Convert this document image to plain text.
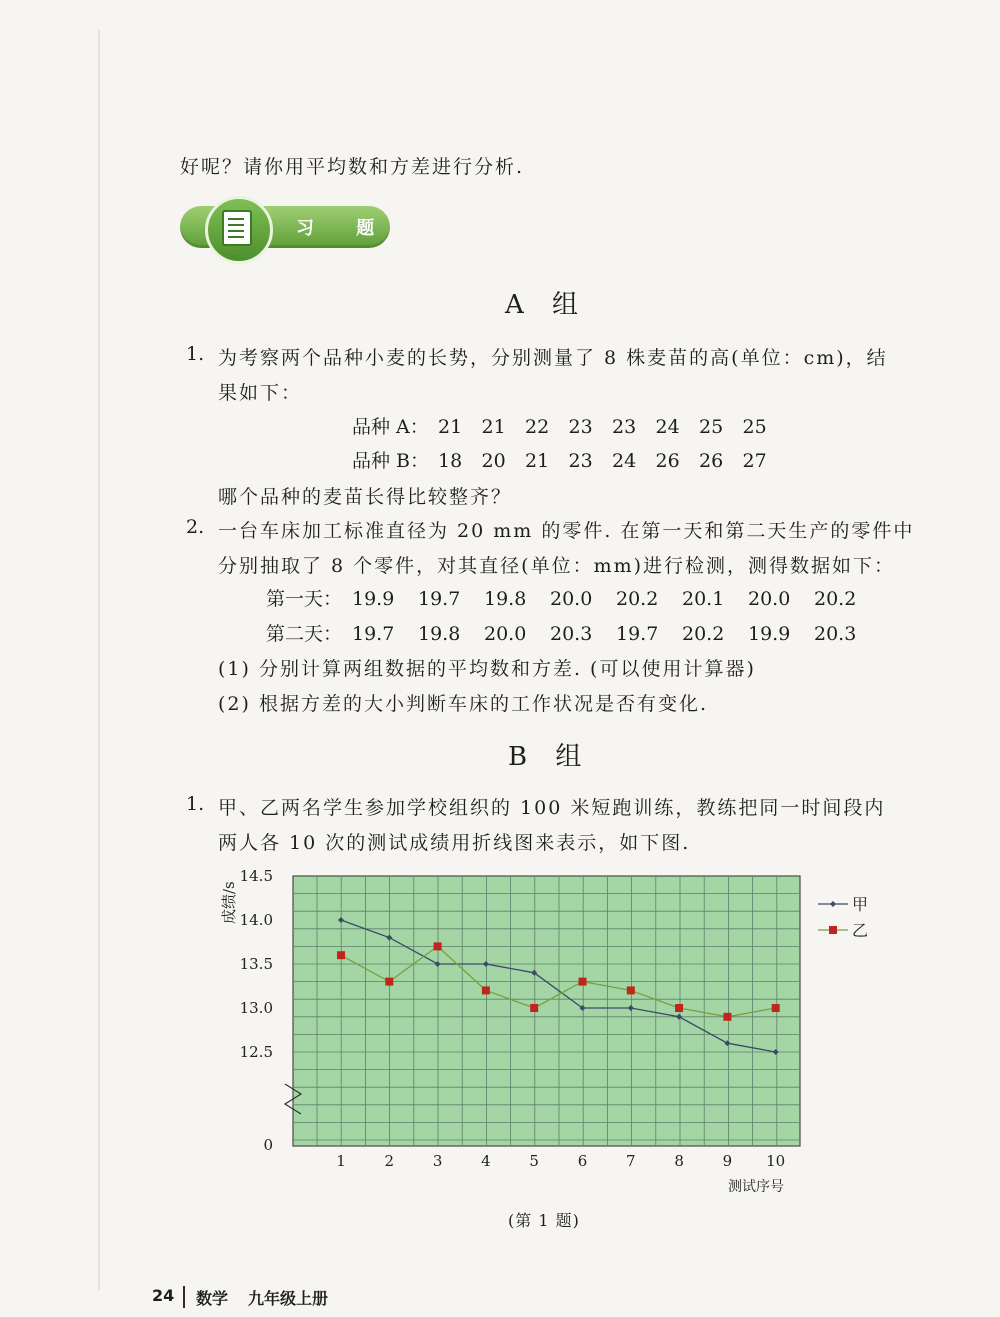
好呢？请你用平均数和方差进行分析.
习 题
A 组
1. 为考察两个品种小麦的长势，分别测量了 8 株麦苗的高(单位：cm)，结
果如下：
品种 A： 21 21 22 23 23 24 25 25
品种 B： 18 20 21 23 24 26 26 27
哪个品种的麦苗长得比较整齐？
2. 一台车床加工标准直径为 20 mm 的零件. 在第一天和第二天生产的零件中
分别抽取了 8 个零件，对其直径(单位：mm)进行检测，测得数据如下：
第一天： 19.9 19.7 19.8 20.0 20.2 20.1 20.0 20.2
第二天： 19.7 19.8 20.0 20.3 19.7 20.2 19.9 20.3
(1) 分别计算两组数据的平均数和方差. (可以使用计算器)
(2) 根据方差的大小判断车床的工作状况是否有变化.
B 组
1. 甲、乙两名学生参加学校组织的 100 米短跑训练，教练把同一时间段内
两人各 10 次的测试成绩用折线图来表示，如下图.
0
12.5
13.0
13.5
14.0
14.5
成绩/s
1	2	3	4	5	6	7	8	9 10
测试序号
甲
乙
(第 1 题)
24 数学 九年级上册
